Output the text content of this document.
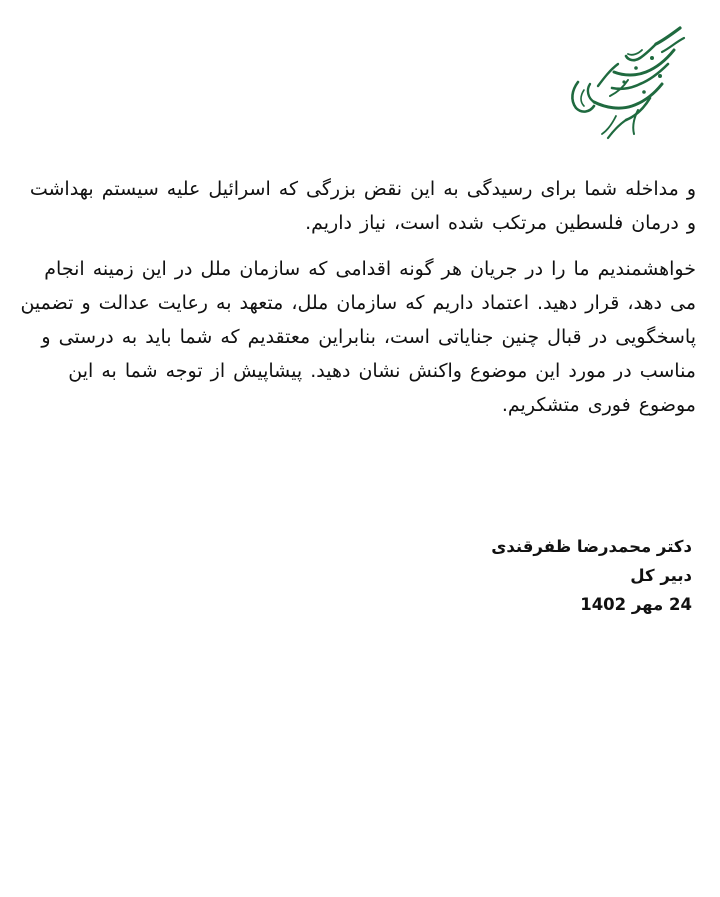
و مداخله شما برای رسیدگی به این نقض بزرگی که اسرائیل علیه سیستم بهداشت و درمان فلسطین مرتکب شده است، نیاز داریم.

خواهشمندیم ما را در جریان هر گونه اقدامی که سازمان ملل در این زمینه انجام می دهد، قرار دهید. اعتماد داریم که سازمان ملل، متعهد به رعایت عدالت و تضمین پاسخگویی در قبال چنین جنایاتی است، بنابراین معتقدیم که شما باید به درستی و مناسب در مورد این موضوع واکنش نشان دهید. پیشاپیش از توجه شما به این موضوع فوری متشکریم.

دکتر محمدرضا ظفرقندی
دبیر کل
24 مهر 1402
